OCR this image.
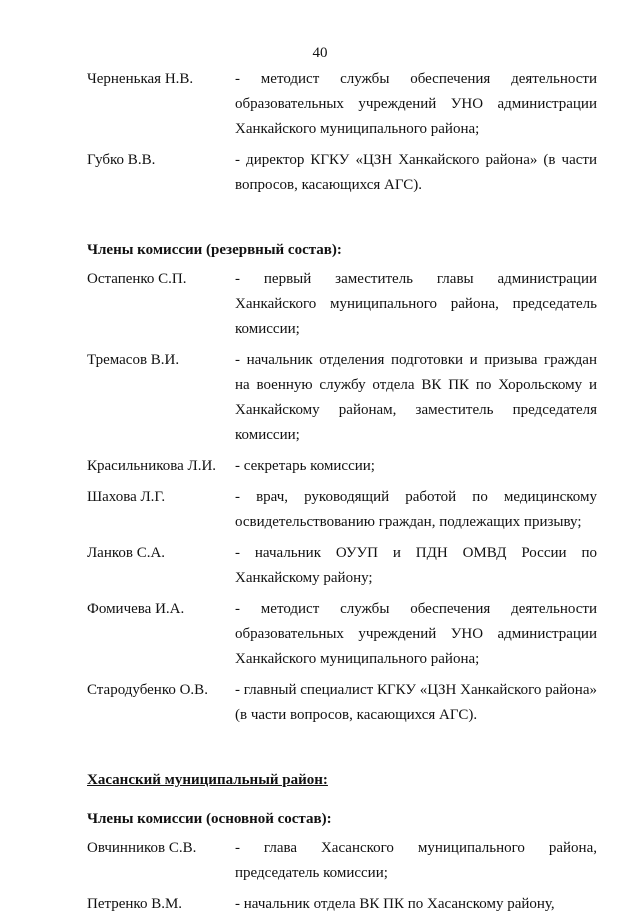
40
Черненькая Н.В.	- методист службы обеспечения деятельности образовательных учреждений УНО администрации Ханкайского муниципального района;
Губко В.В.	- директор КГКУ «ЦЗН Ханкайского района» (в части вопросов, касающихся АГС).

Члены комиссии (резервный состав):

Остапенко С.П.	- первый заместитель главы администрации Ханкайского муниципального района, председатель комиссии;
Тремасов В.И.	- начальник отделения подготовки и призыва граждан на военную службу отдела ВК ПК по Хорольскому и Ханкайскому районам, заместитель председателя комиссии;
Красильникова Л.И.	- секретарь комиссии;
Шахова Л.Г.	- врач, руководящий работой по медицинскому освидетельствованию граждан, подлежащих призыву;
Ланков С.А.	- начальник ОУУП и ПДН ОМВД России по Ханкайскому району;
Фомичева И.А.	- методист службы обеспечения деятельности образовательных учреждений УНО администрации Ханкайского муниципального района;
Стародубенко О.В.	- главный специалист КГКУ «ЦЗН Ханкайского района» (в части вопросов, касающихся АГС).

Хасанский муниципальный район:

Члены комиссии (основной состав):

Овчинников С.В.	- глава Хасанского муниципального района, председатель комиссии;
Петренко В.М.	- начальник отдела ВК ПК по Хасанскому району,
